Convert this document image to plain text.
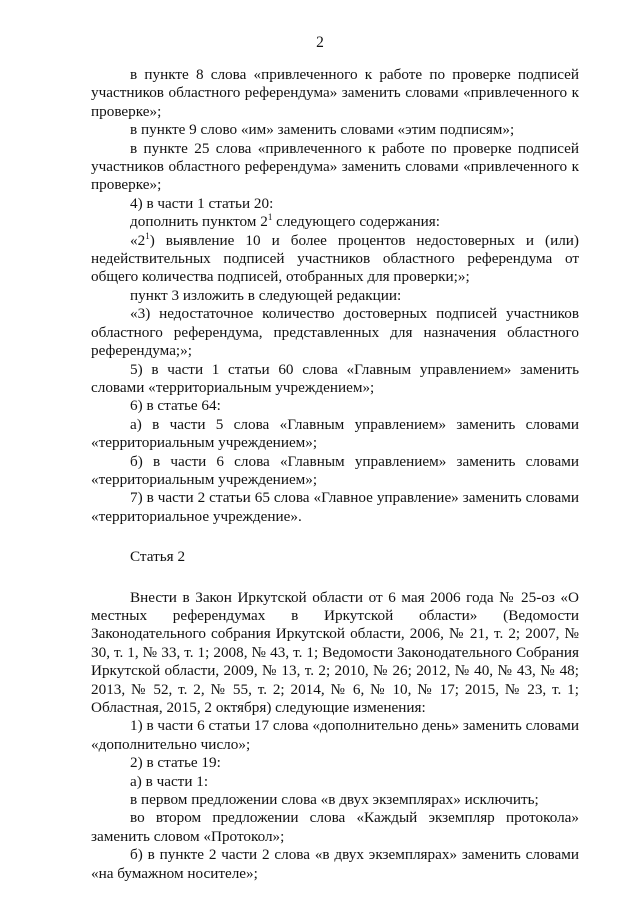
2

в пункте 8 слова «привлеченного к работе по проверке подписей участников областного референдума» заменить словами «привлеченного к проверке»;

в пункте 9 слово «им» заменить словами «этим подписям»;

в пункте 25 слова «привлеченного к работе по проверке подписей участников областного референдума» заменить словами «привлеченного к проверке»;

4) в части 1 статьи 20:

дополнить пунктом $2^1$ следующего содержания:

«$2^1$) выявление 10 и более процентов недостоверных и (или) недействительных подписей участников областного референдума от общего количества подписей, отобранных для проверки;»;

пункт 3 изложить в следующей редакции:

«3) недостаточное количество достоверных подписей участников областного референдума, представленных для назначения областного референдума;»;

5) в части 1 статьи 60 слова «Главным управлением» заменить словами «территориальным учреждением»;

6) в статье 64:

а) в части 5 слова «Главным управлением» заменить словами «территориальным учреждением»;

б) в части 6 слова «Главным управлением» заменить словами «территориальным учреждением»;

7) в части 2 статьи 65 слова «Главное управление» заменить словами «территориальное учреждение».

Статья 2

Внести в Закон Иркутской области от 6 мая 2006 года № 25-оз «О местных референдумах в Иркутской области» (Ведомости Законодательного собрания Иркутской области, 2006, № 21, т. 2; 2007, № 30, т. 1, № 33, т. 1; 2008, № 43, т. 1; Ведомости Законодательного Собрания Иркутской области, 2009, № 13, т. 2; 2010, № 26; 2012, № 40, № 43, № 48; 2013, № 52, т. 2, № 55, т. 2; 2014, № 6, № 10, № 17; 2015, № 23, т. 1; Областная, 2015, 2 октября) следующие изменения:

1) в части 6 статьи 17 слова «дополнительно день» заменить словами «дополнительно число»;

2) в статье 19:

а) в части 1:

в первом предложении слова «в двух экземплярах» исключить;

во втором предложении слова «Каждый экземпляр протокола» заменить словом «Протокол»;

б) в пункте 2 части 2 слова «в двух экземплярах» заменить словами «на бумажном носителе»;
